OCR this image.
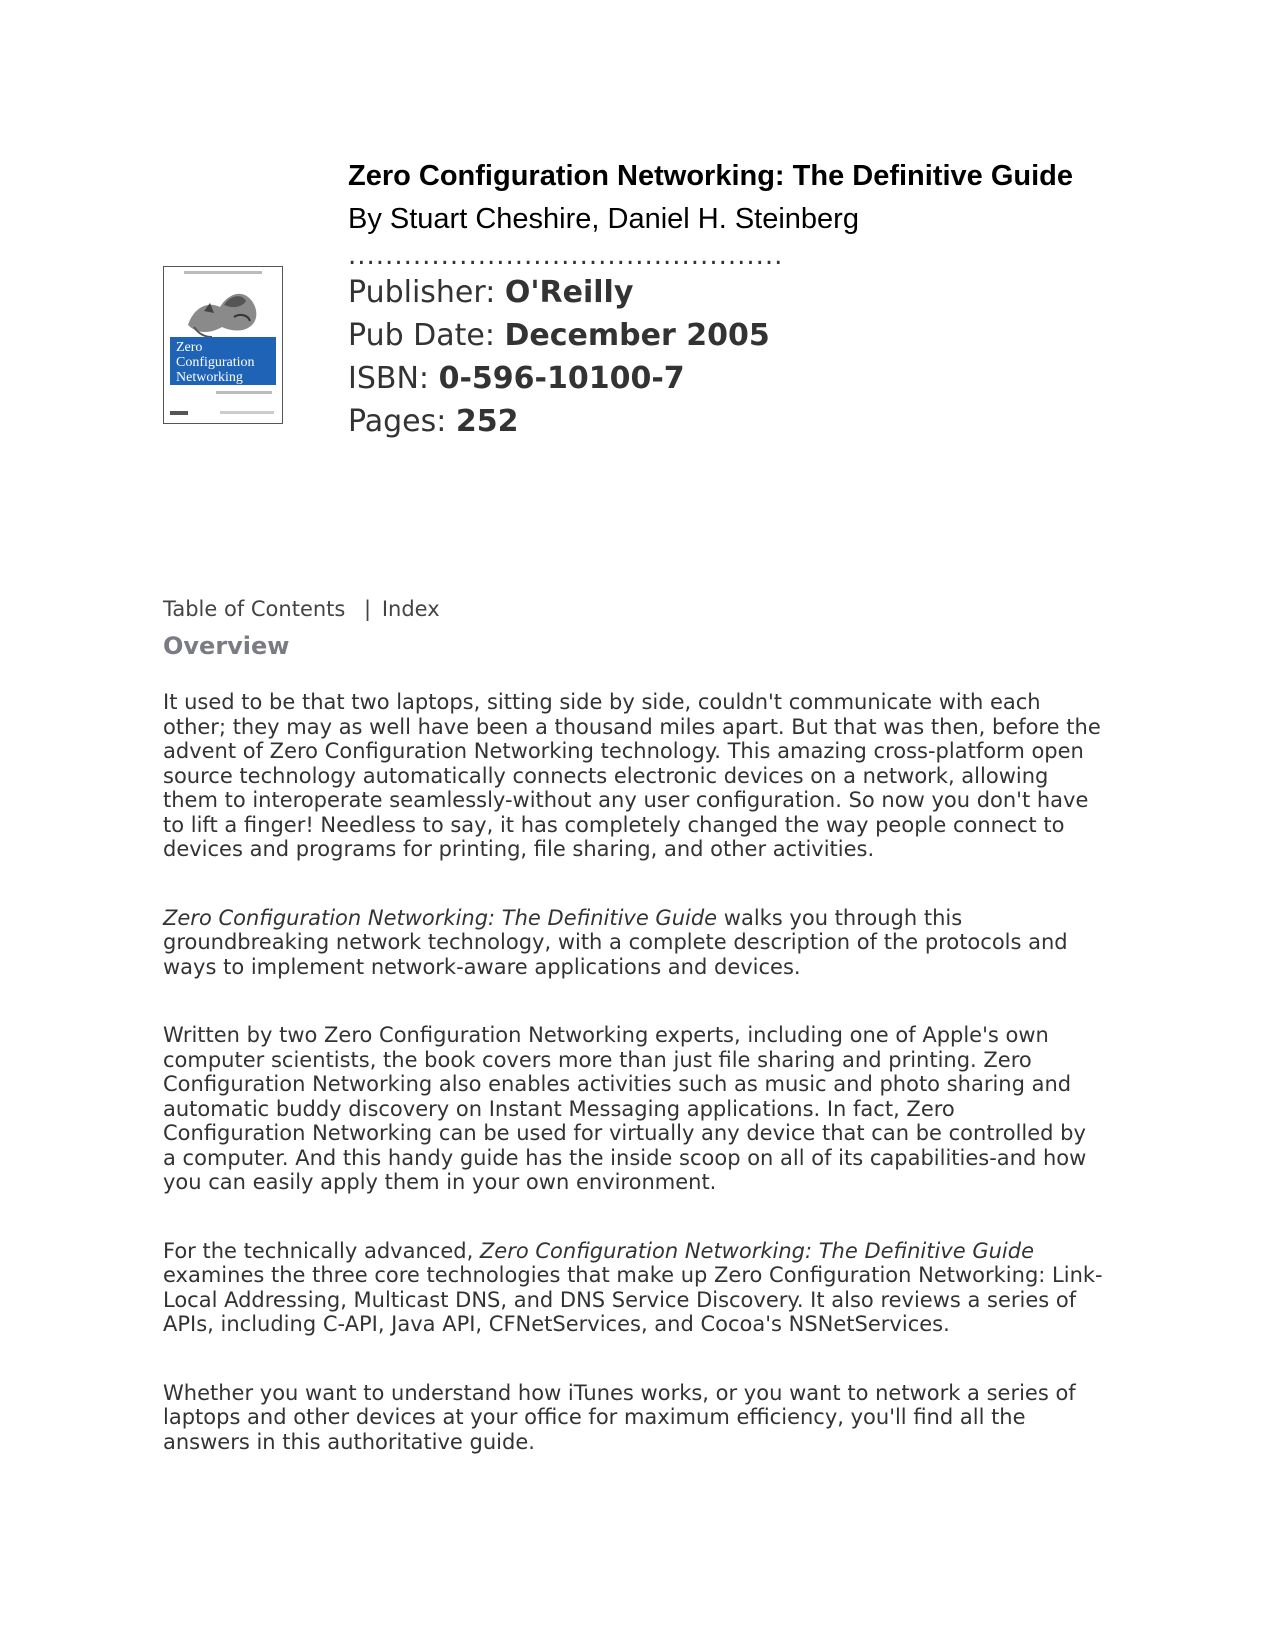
Zero
Configuration
Networking
Zero Configuration Networking: The Definitive Guide
By Stuart Cheshire, Daniel H. Steinberg
...............................................
Publisher: O'Reilly
Pub Date: December 2005
ISBN: 0-596-10100-7
Pages: 252
Table of Contents | Index
Overview

It used to be that two laptops, sitting side by side, couldn't communicate with each other; they may as well have been a thousand miles apart. But that was then, before the advent of Zero Configuration Networking technology. This amazing cross-platform open source technology automatically connects electronic devices on a network, allowing them to interoperate seamlessly-without any user configuration. So now you don't have to lift a finger! Needless to say, it has completely changed the way people connect to devices and programs for printing, file sharing, and other activities.

Zero Configuration Networking: The Definitive Guide walks you through this groundbreaking network technology, with a complete description of the protocols and ways to implement network-aware applications and devices.

Written by two Zero Configuration Networking experts, including one of Apple's own computer scientists, the book covers more than just file sharing and printing. Zero Configuration Networking also enables activities such as music and photo sharing and automatic buddy discovery on Instant Messaging applications. In fact, Zero Configuration Networking can be used for virtually any device that can be controlled by a computer. And this handy guide has the inside scoop on all of its capabilities-and how you can easily apply them in your own environment.

For the technically advanced, Zero Configuration Networking: The Definitive Guide examines the three core technologies that make up Zero Configuration Networking: Link-Local Addressing, Multicast DNS, and DNS Service Discovery. It also reviews a series of APIs, including C-API, Java API, CFNetServices, and Cocoa's NSNetServices.

Whether you want to understand how iTunes works, or you want to network a series of laptops and other devices at your office for maximum efficiency, you'll find all the answers in this authoritative guide.
